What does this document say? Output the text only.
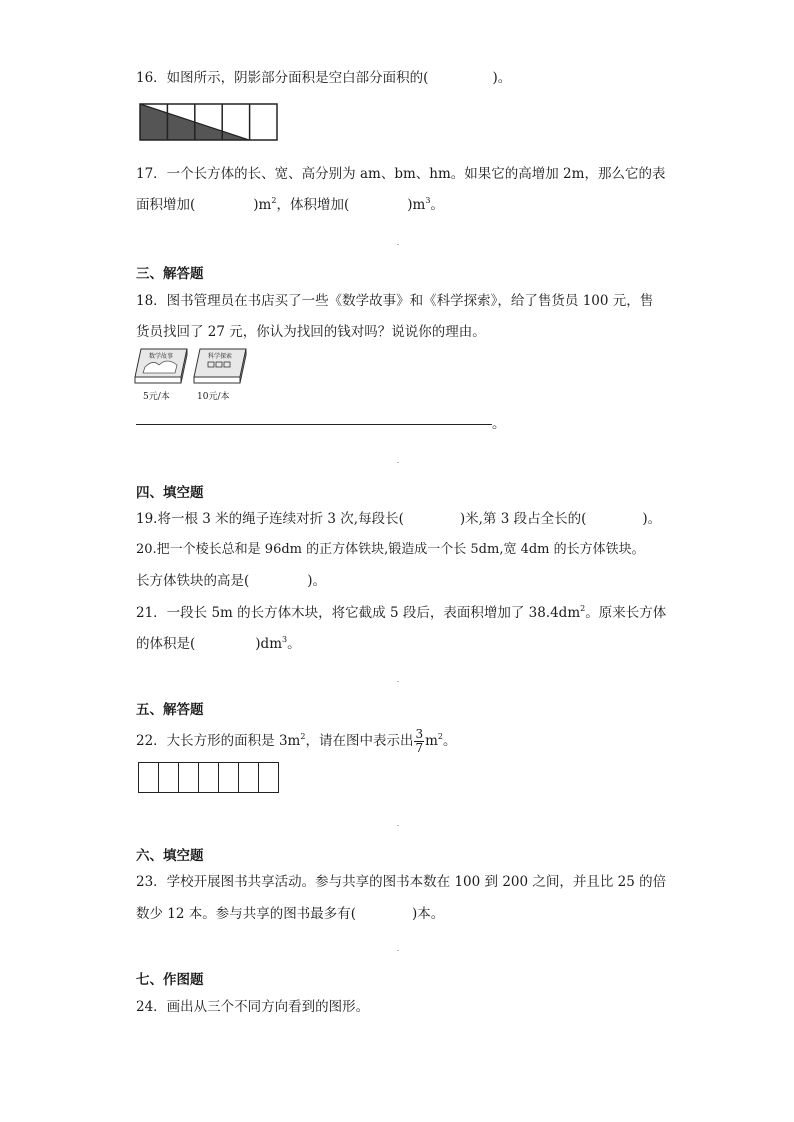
16．如图所示，阴影部分面积是空白部分面积的(	)。
17．一个长方体的长、宽、高分别为 am、bm、hm。如果它的高增加 2m，那么它的表
面积增加(	)$m^2$，体积增加(	)$m^3$。
三、解答题
18．图书管理员在书店买了一些《数学故事》和《科学探索》，给了售货员 100 元，售
货员找回了 27 元，你认为找回的钱对吗？说说你的理由。
数学故事
5元/本
科学探索
10元/本
。
四、填空题
19.将一根 3 米的绳子连续对折 3 次,每段长(	)米,第 3 段占全长的(	)。
20.把一个棱长总和是 96dm 的正方体铁块,锻造成一个长 5dm,宽 4dm 的长方体铁块。
长方体铁块的高是(	)。
21．一段长 5m 的长方体木块，将它截成 5 段后，表面积增加了 $38.4dm^2$。原来长方体
的体积是(	)$dm^3$。
五、解答题
22．大长方形的面积是 $3m^2$，请在图中表示出 $\frac{3}{7} m^2$。
六、填空题
23．学校开展图书共享活动。参与共享的图书本数在 100 到 200 之间，并且比 25 的倍
数少 12 本。参与共享的图书最多有(	)本。
七、作图题
24．画出从三个不同方向看到的图形。
